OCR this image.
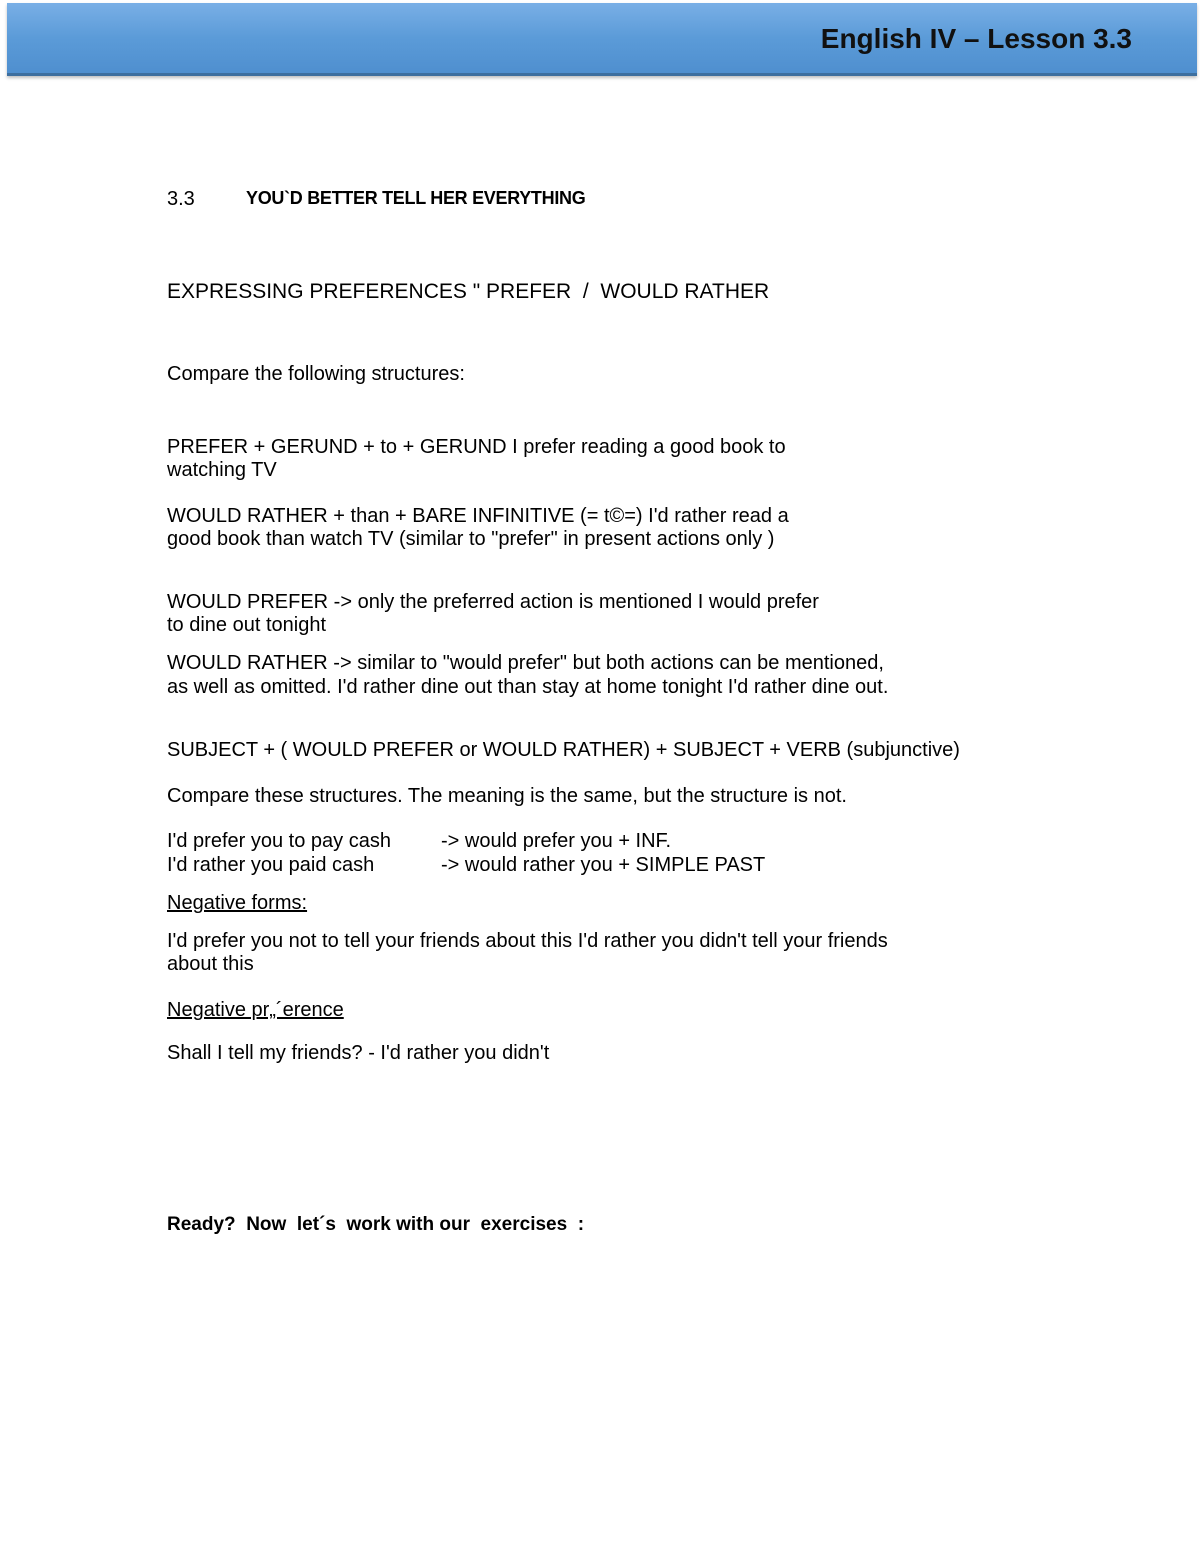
English IV – Lesson 3.3
3.3	YOU`D BETTER TELL HER EVERYTHING
EXPRESSING PREFERENCES " PREFER  /  WOULD RATHER
Compare the following structures:
PREFER + GERUND + to + GERUND I prefer reading a good book to
watching TV
WOULD RATHER + than + BARE INFINITIVE (= t©=) I'd rather read a
good book than watch TV (similar to "prefer" in present actions only )
WOULD PREFER -> only the preferred action is mentioned I would prefer
to dine out tonight
WOULD RATHER -> similar to "would prefer" but both actions can be mentioned,
as well as omitted. I'd rather dine out than stay at home tonight I'd rather dine out.
SUBJECT + ( WOULD PREFER or WOULD RATHER) + SUBJECT + VERB (subjunctive)
Compare these structures. The meaning is the same, but the structure is not.
I'd prefer you to pay cash	-> would prefer you + INF.
I'd rather you paid cash	-> would rather you + SIMPLE PAST
Negative forms:
I'd prefer you not to tell your friends about this I'd rather you didn't tell your friends
about this
Negative pr„´erence
Shall I tell my friends? - I'd rather you didn't
Ready?  Now  let´s  work with our  exercises  :
